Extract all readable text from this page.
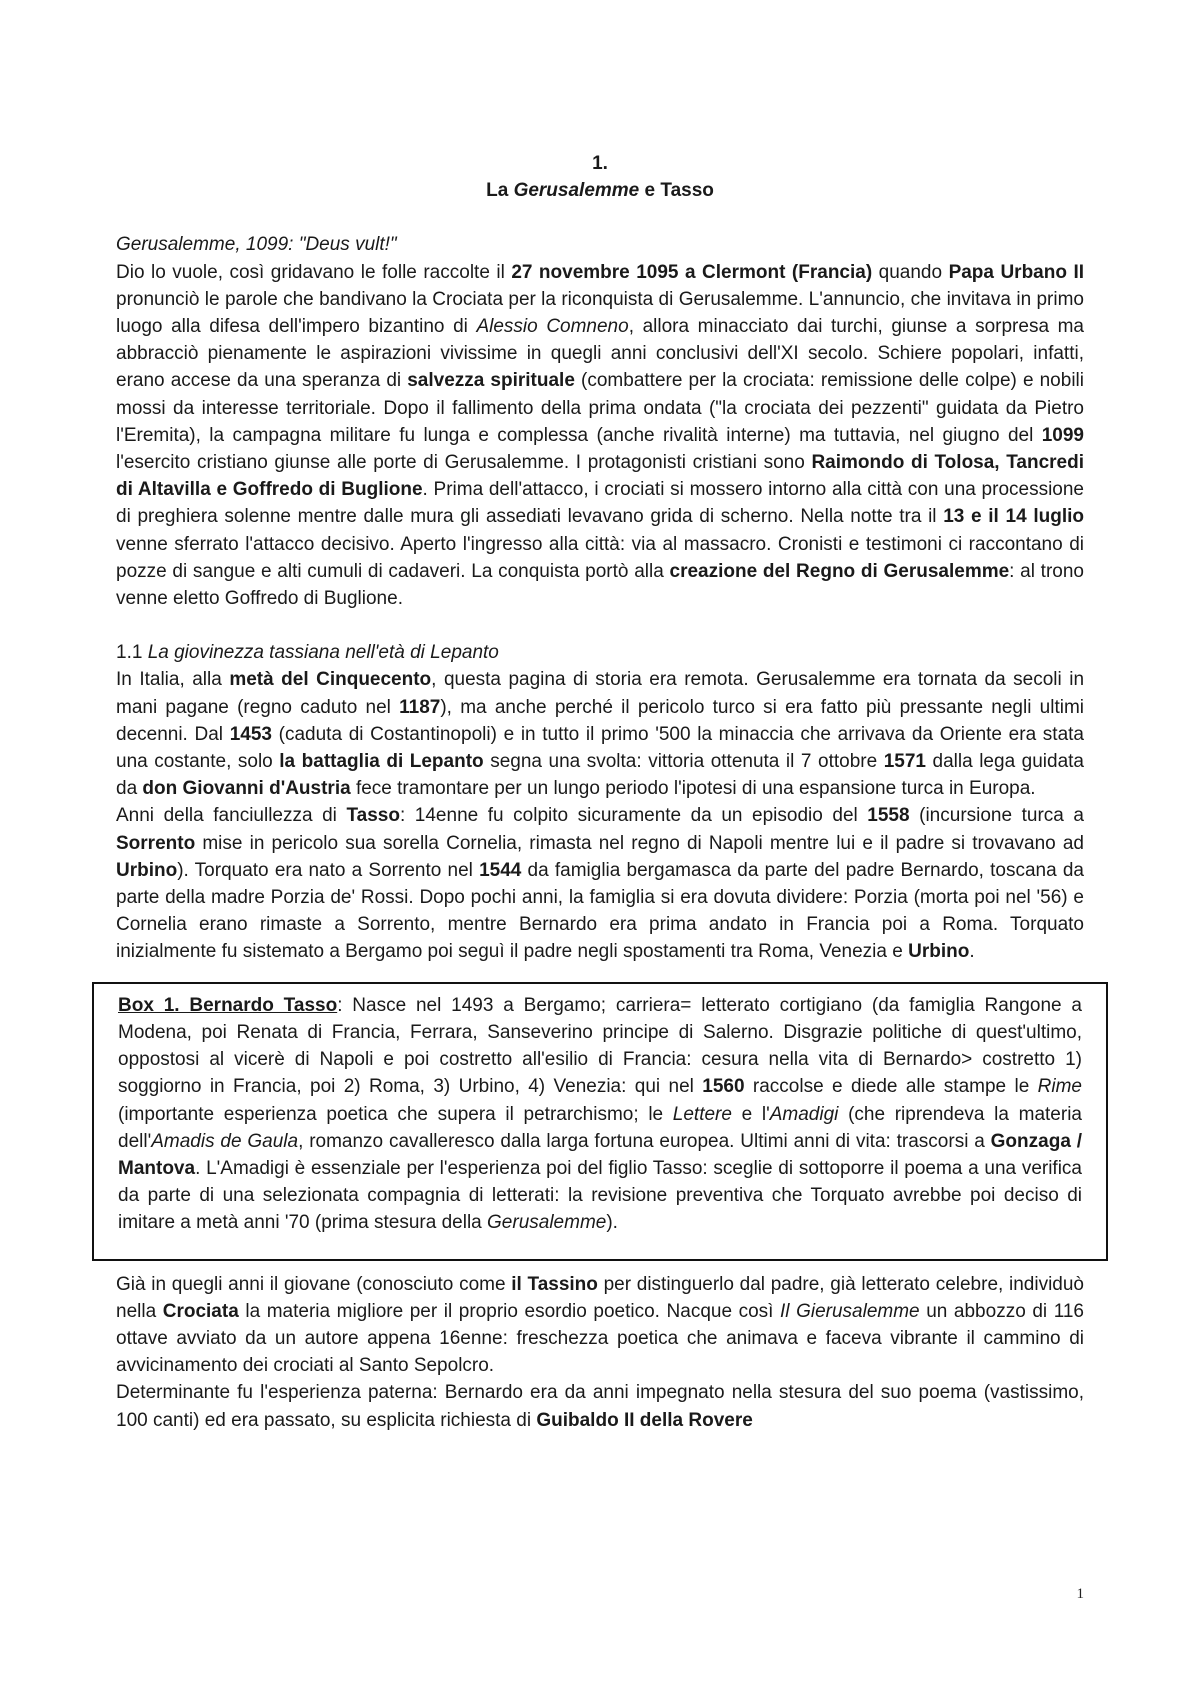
1.
La Gerusalemme e Tasso

Gerusalemme, 1099: "Deus vult!"

Dio lo vuole, così gridavano le folle raccolte il 27 novembre 1095 a Clermont (Francia) quando Papa Urbano II pronunciò le parole che bandivano la Crociata per la riconquista di Gerusalemme. L'annuncio, che invitava in primo luogo alla difesa dell'impero bizantino di Alessio Comneno, allora minacciato dai turchi, giunse a sorpresa ma abbracciò pienamente le aspirazioni vivissime in quegli anni conclusivi dell'XI secolo. Schiere popolari, infatti, erano accese da una speranza di salvezza spirituale (combattere per la crociata: remissione delle colpe) e nobili mossi da interesse territoriale. Dopo il fallimento della prima ondata ("la crociata dei pezzenti" guidata da Pietro l'Eremita), la campagna militare fu lunga e complessa (anche rivalità interne) ma tuttavia, nel giugno del 1099 l'esercito cristiano giunse alle porte di Gerusalemme. I protagonisti cristiani sono Raimondo di Tolosa, Tancredi di Altavilla e Goffredo di Buglione. Prima dell'attacco, i crociati si mossero intorno alla città con una processione di preghiera solenne mentre dalle mura gli assediati levavano grida di scherno. Nella notte tra il 13 e il 14 luglio venne sferrato l'attacco decisivo. Aperto l'ingresso alla città: via al massacro. Cronisti e testimoni ci raccontano di pozze di sangue e alti cumuli di cadaveri. La conquista portò alla creazione del Regno di Gerusalemme: al trono venne eletto Goffredo di Buglione.

1.1 La giovinezza tassiana nell'età di Lepanto

In Italia, alla metà del Cinquecento, questa pagina di storia era remota. Gerusalemme era tornata da secoli in mani pagane (regno caduto nel 1187), ma anche perché il pericolo turco si era fatto più pressante negli ultimi decenni. Dal 1453 (caduta di Costantinopoli) e in tutto il primo '500 la minaccia che arrivava da Oriente era stata una costante, solo la battaglia di Lepanto segna una svolta: vittoria ottenuta il 7 ottobre 1571 dalla lega guidata da don Giovanni d'Austria fece tramontare per un lungo periodo l'ipotesi di una espansione turca in Europa.

Anni della fanciullezza di Tasso: 14enne fu colpito sicuramente da un episodio del 1558 (incursione turca a Sorrento mise in pericolo sua sorella Cornelia, rimasta nel regno di Napoli mentre lui e il padre si trovavano ad Urbino). Torquato era nato a Sorrento nel 1544 da famiglia bergamasca da parte del padre Bernardo, toscana da parte della madre Porzia de' Rossi. Dopo pochi anni, la famiglia si era dovuta dividere: Porzia (morta poi nel '56) e Cornelia erano rimaste a Sorrento, mentre Bernardo era prima andato in Francia poi a Roma. Torquato inizialmente fu sistemato a Bergamo poi seguì il padre negli spostamenti tra Roma, Venezia e Urbino.

Box 1. Bernardo Tasso: Nasce nel 1493 a Bergamo; carriera= letterato cortigiano (da famiglia Rangone a Modena, poi Renata di Francia, Ferrara, Sanseverino principe di Salerno. Disgrazie politiche di quest'ultimo, oppostosi al vicerè di Napoli e poi costretto all'esilio di Francia: cesura nella vita di Bernardo> costretto 1) soggiorno in Francia, poi 2) Roma, 3) Urbino, 4) Venezia: qui nel 1560 raccolse e diede alle stampe le Rime (importante esperienza poetica che supera il petrarchismo; le Lettere e l'Amadigi (che riprendeva la materia dell'Amadis de Gaula, romanzo cavalleresco dalla larga fortuna europea. Ultimi anni di vita: trascorsi a Gonzaga / Mantova. L'Amadigi è essenziale per l'esperienza poi del figlio Tasso: sceglie di sottoporre il poema a una verifica da parte di una selezionata compagnia di letterati: la revisione preventiva che Torquato avrebbe poi deciso di imitare a metà anni '70 (prima stesura della Gerusalemme).

Già in quegli anni il giovane (conosciuto come il Tassino per distinguerlo dal padre, già letterato celebre, individuò nella Crociata la materia migliore per il proprio esordio poetico. Nacque così Il Gierusalemme un abbozzo di 116 ottave avviato da un autore appena 16enne: freschezza poetica che animava e faceva vibrante il cammino di avvicinamento dei crociati al Santo Sepolcro.

Determinante fu l'esperienza paterna: Bernardo era da anni impegnato nella stesura del suo poema (vastissimo, 100 canti) ed era passato, su esplicita richiesta di Guibaldo II della Rovere

1
